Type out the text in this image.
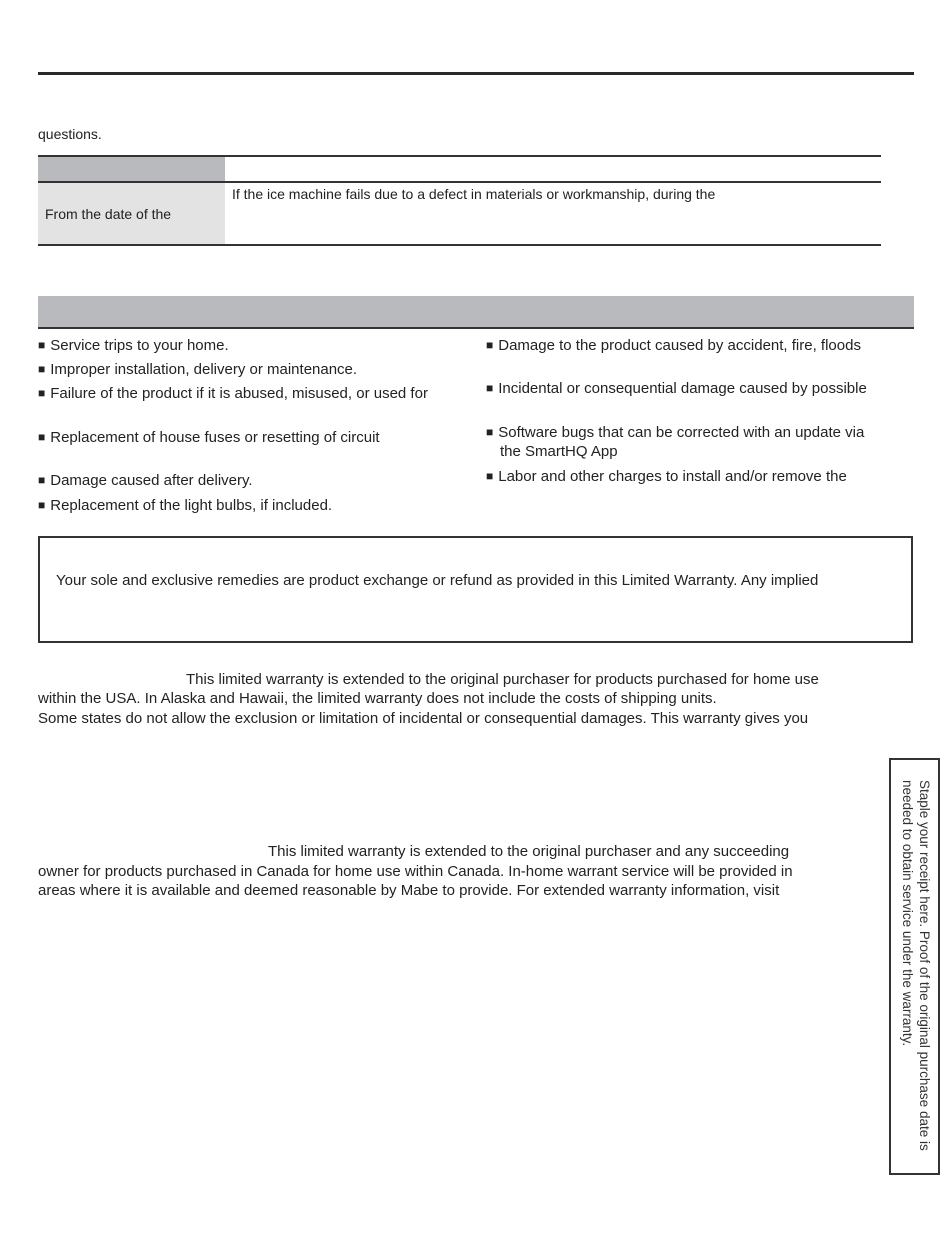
questions.
From the date of the
If the ice machine fails due to a defect in materials or workmanship, during the
■ Service trips to your home.
■ Improper installation, delivery or maintenance.
■ Failure of the product if it is abused, misused, or used for
■ Replacement of house fuses or resetting of circuit
■ Damage caused after delivery.
■ Replacement of the light bulbs, if included.
■ Damage to the product caused by accident, fire, floods
■ Incidental or consequential damage caused by possible
■ Software bugs that can be corrected with an update via
the SmartHQ App
■ Labor and other charges to install and/or remove the
Your sole and exclusive remedies are product exchange or refund as provided in this Limited Warranty. Any implied
This limited warranty is extended to the original purchaser for products purchased for home use
within the USA. In Alaska and Hawaii, the limited warranty does not include the costs of shipping units.
Some states do not allow the exclusion or limitation of incidental or consequential damages. This warranty gives you
This limited warranty is extended to the original purchaser and any succeeding
owner for products purchased in Canada for home use within Canada. In-home warrant service will be provided in
areas where it is available and deemed reasonable by Mabe to provide. For extended warranty information, visit	Staple your receipt here. Proof of the original purchase date is needed to obtain service under the warranty.
